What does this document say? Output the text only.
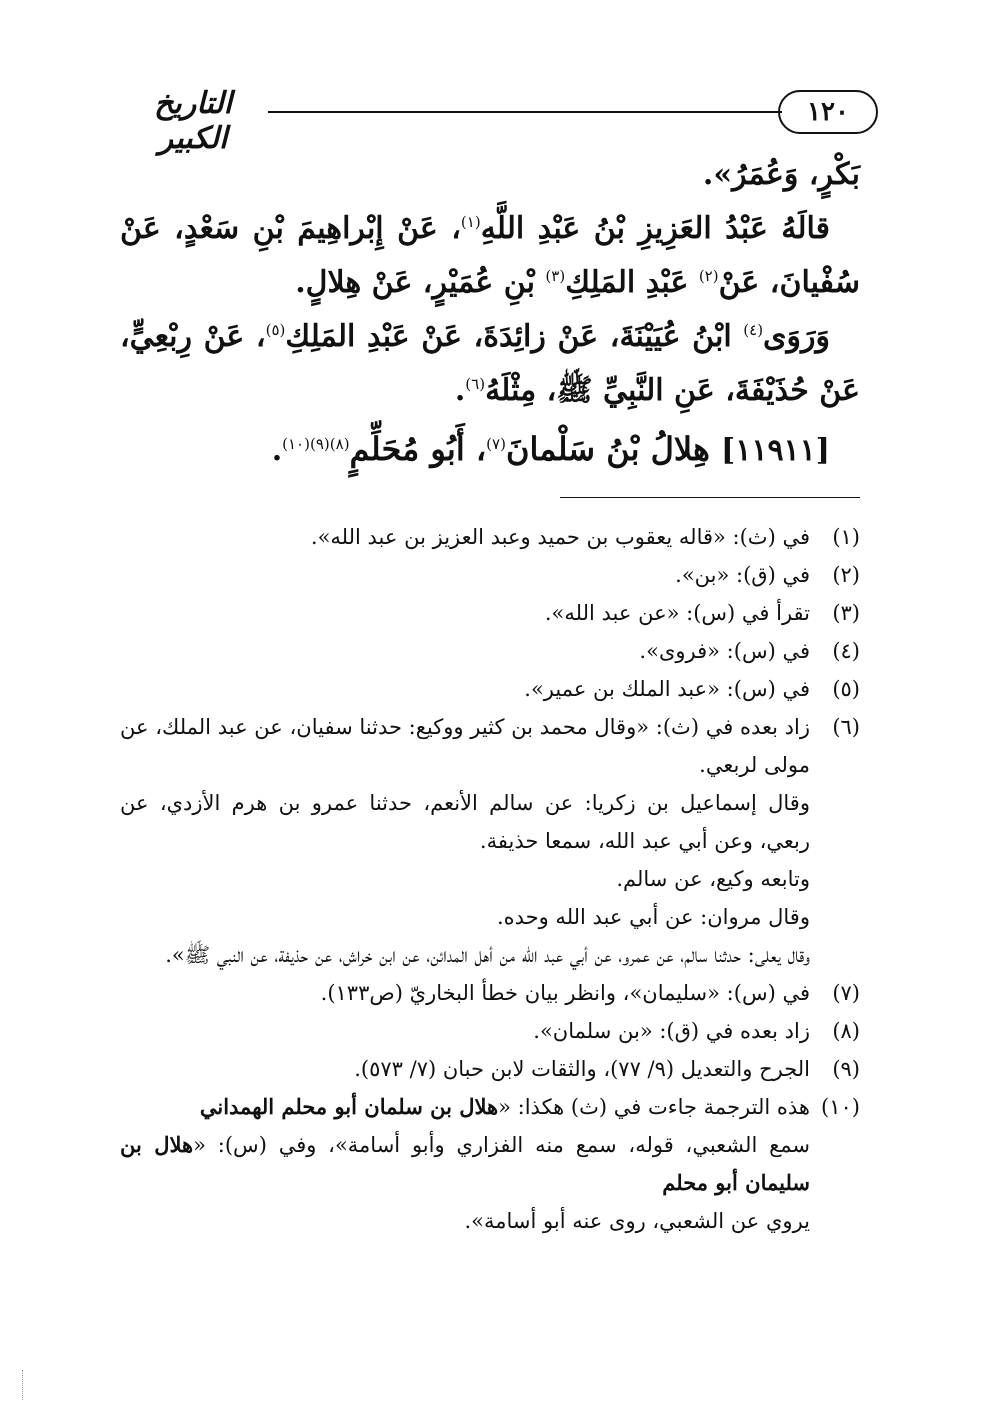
١٢٠
التاريخ الكبير

بَكْرٍ، وَعُمَرُ».

قالَهُ عَبْدُ العَزِيزِ بْنُ عَبْدِ اللَّهِ$^{(١)}$، عَنْ إِبْراهِيمَ بْنِ سَعْدٍ، عَنْ سُفْيانَ، عَنْ$^{(٢)}$ عَبْدِ المَلِكِ$^{(٣)}$ بْنِ عُمَيْرٍ، عَنْ هِلالٍ.

وَرَوَى$^{(٤)}$ ابْنُ عُيَيْنَةَ، عَنْ زائِدَةَ، عَنْ عَبْدِ المَلِكِ$^{(٥)}$، عَنْ رِبْعِيٍّ، عَنْ حُذَيْفَةَ، عَنِ النَّبِيِّ ﷺ، مِثْلَهُ$^{(٦)}$.

[١١٩١١] هِلالُ بْنُ سَلْمانَ$^{(٧)}$، أَبُو مُحَلِّمٍ$^{(٨)(٩)(١٠)}$.

(١)
في (ث): «قاله يعقوب بن حميد وعبد العزيز بن عبد الله».
(٢)
في (ق): «بن».
(٣)
تقرأ في (س): «عن عبد الله».
(٤)
في (س): «فروى».
(٥)
في (س): «عبد الملك بن عمير».
(٦)
زاد بعده في (ث): «وقال محمد بن كثير ووكيع: حدثنا سفيان، عن عبد الملك، عن مولى لربعي.

وقال إسماعيل بن زكريا: عن سالم الأنعم، حدثنا عمرو بن هرم الأزدي، عن ربعي، وعن أبي عبد الله، سمعا حذيفة.

وتابعه وكيع، عن سالم.

وقال مروان: عن أبي عبد الله وحده.

وقال يعلى: حدثنا سالم، عن عمرو، عن أبي عبد الله من أهل المدائن، عن ابن خراش، عن حذيفة، عن النبي ﷺ».

(٧)
في (س): «سليمان»، وانظر بيان خطأ البخاريّ (ص١٣٣).
(٨)
زاد بعده في (ق): «بن سلمان».
(٩)
الجرح والتعديل (٩/ ٧٧)، والثقات لابن حبان (٧/ ٥٧٣).
(١٠)
هذه الترجمة جاءت في (ث) هكذا: «هلال بن سلمان أبو محلم الهمداني

سمع الشعبي، قوله، سمع منه الفزاري وأبو أسامة»، وفي (س): «هلال بن سليمان أبو محلم

يروي عن الشعبي، روى عنه أبو أسامة».
